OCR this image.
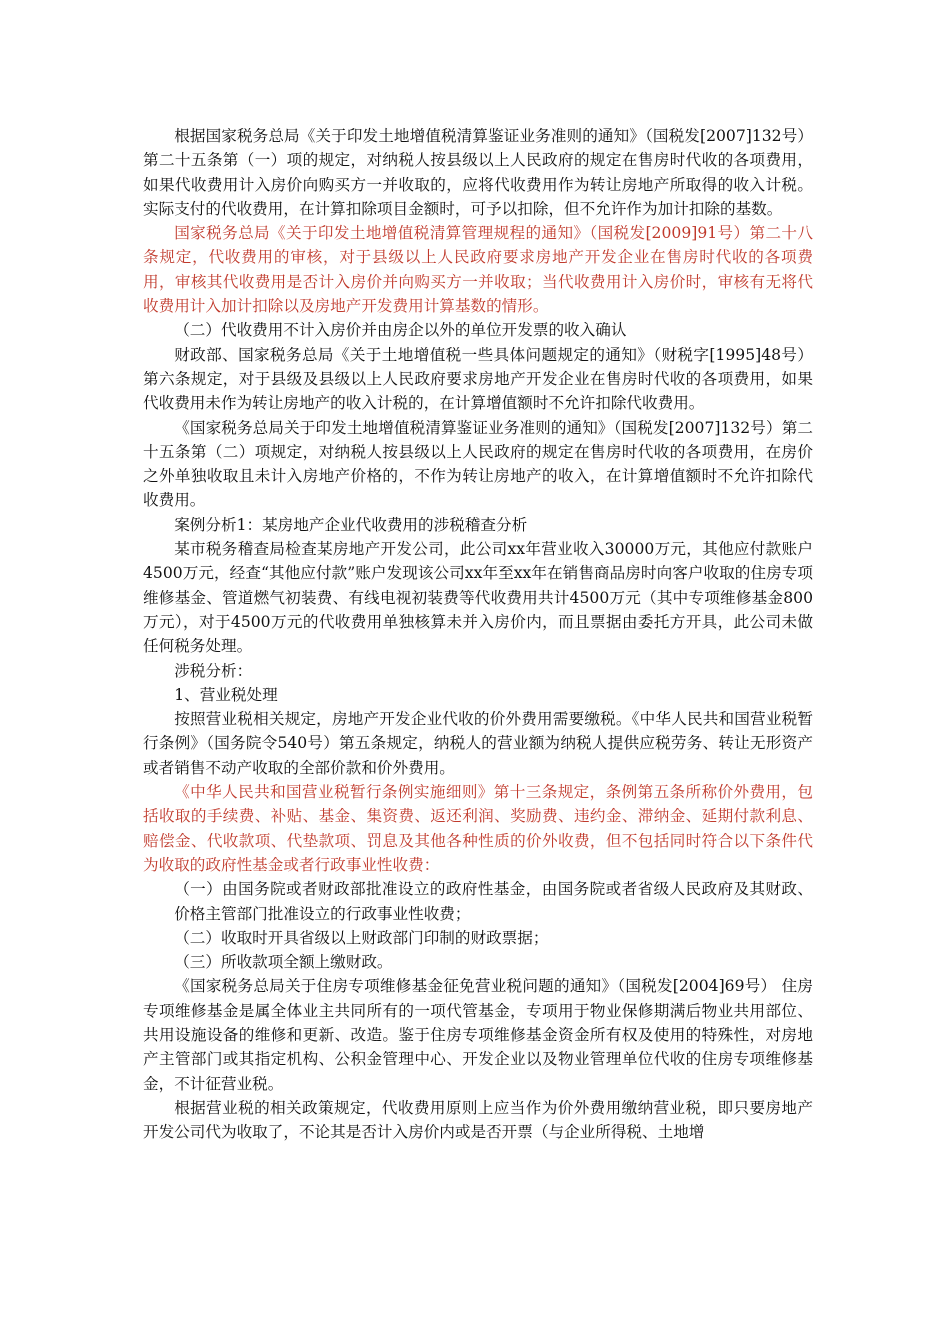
根据国家税务总局《关于印发土地增值税清算鉴证业务准则的通知》（国税发[2007]132号）第二十五条第（一）项的规定，对纳税人按县级以上人民政府的规定在售房时代收的各项费用，如果代收费用计入房价向购买方一并收取的，应将代收费用作为转让房地产所取得的收入计税。实际支付的代收费用，在计算扣除项目金额时，可予以扣除，但不允许作为加计扣除的基数。

国家税务总局《关于印发土地增值税清算管理规程的通知》（国税发[2009]91号）第二十八条规定，代收费用的审核，对于县级以上人民政府要求房地产开发企业在售房时代收的各项费用，审核其代收费用是否计入房价并向购买方一并收取；当代收费用计入房价时，审核有无将代收费用计入加计扣除以及房地产开发费用计算基数的情形。

（二）代收费用不计入房价并由房企以外的单位开发票的收入确认

财政部、国家税务总局《关于土地增值税一些具体问题规定的通知》（财税字[1995]48号）第六条规定，对于县级及县级以上人民政府要求房地产开发企业在售房时代收的各项费用，如果代收费用未作为转让房地产的收入计税的，在计算增值额时不允许扣除代收费用。

《国家税务总局关于印发土地增值税清算鉴证业务准则的通知》（国税发[2007]132号）第二十五条第（二）项规定，对纳税人按县级以上人民政府的规定在售房时代收的各项费用，在房价之外单独收取且未计入房地产价格的，不作为转让房地产的收入，在计算增值额时不允许扣除代收费用。

案例分析1：某房地产企业代收费用的涉税稽查分析

某市税务稽查局检查某房地产开发公司，此公司xx年营业收入30000万元，其他应付款账户4500万元，经查“其他应付款”账户发现该公司xx年至xx年在销售商品房时向客户收取的住房专项维修基金、管道燃气初装费、有线电视初装费等代收费用共计4500万元（其中专项维修基金800万元），对于4500万元的代收费用单独核算未并入房价内，而且票据由委托方开具，此公司未做任何税务处理。

涉税分析：

1、营业税处理

按照营业税相关规定，房地产开发企业代收的价外费用需要缴税。《中华人民共和国营业税暂行条例》（国务院令540号）第五条规定，纳税人的营业额为纳税人提供应税劳务、转让无形资产或者销售不动产收取的全部价款和价外费用。

《中华人民共和国营业税暂行条例实施细则》第十三条规定，条例第五条所称价外费用，包括收取的手续费、补贴、基金、集资费、返还利润、奖励费、违约金、滞纳金、延期付款利息、赔偿金、代收款项、代垫款项、罚息及其他各种性质的价外收费，但不包括同时符合以下条件代为收取的政府性基金或者行政事业性收费：

（一）由国务院或者财政部批准设立的政府性基金，由国务院或者省级人民政府及其财政、价格主管部门批准设立的行政事业性收费；

（二）收取时开具省级以上财政部门印制的财政票据；

（三）所收款项全额上缴财政。

《国家税务总局关于住房专项维修基金征免营业税问题的通知》（国税发[2004]69号） 住房专项维修基金是属全体业主共同所有的一项代管基金，专项用于物业保修期满后物业共用部位、共用设施设备的维修和更新、改造。鉴于住房专项维修基金资金所有权及使用的特殊性，对房地产主管部门或其指定机构、公积金管理中心、开发企业以及物业管理单位代收的住房专项维修基金，不计征营业税。

根据营业税的相关政策规定，代收费用原则上应当作为价外费用缴纳营业税，即只要房地产开发公司代为收取了，不论其是否计入房价内或是否开票（与企业所得税、土地增
